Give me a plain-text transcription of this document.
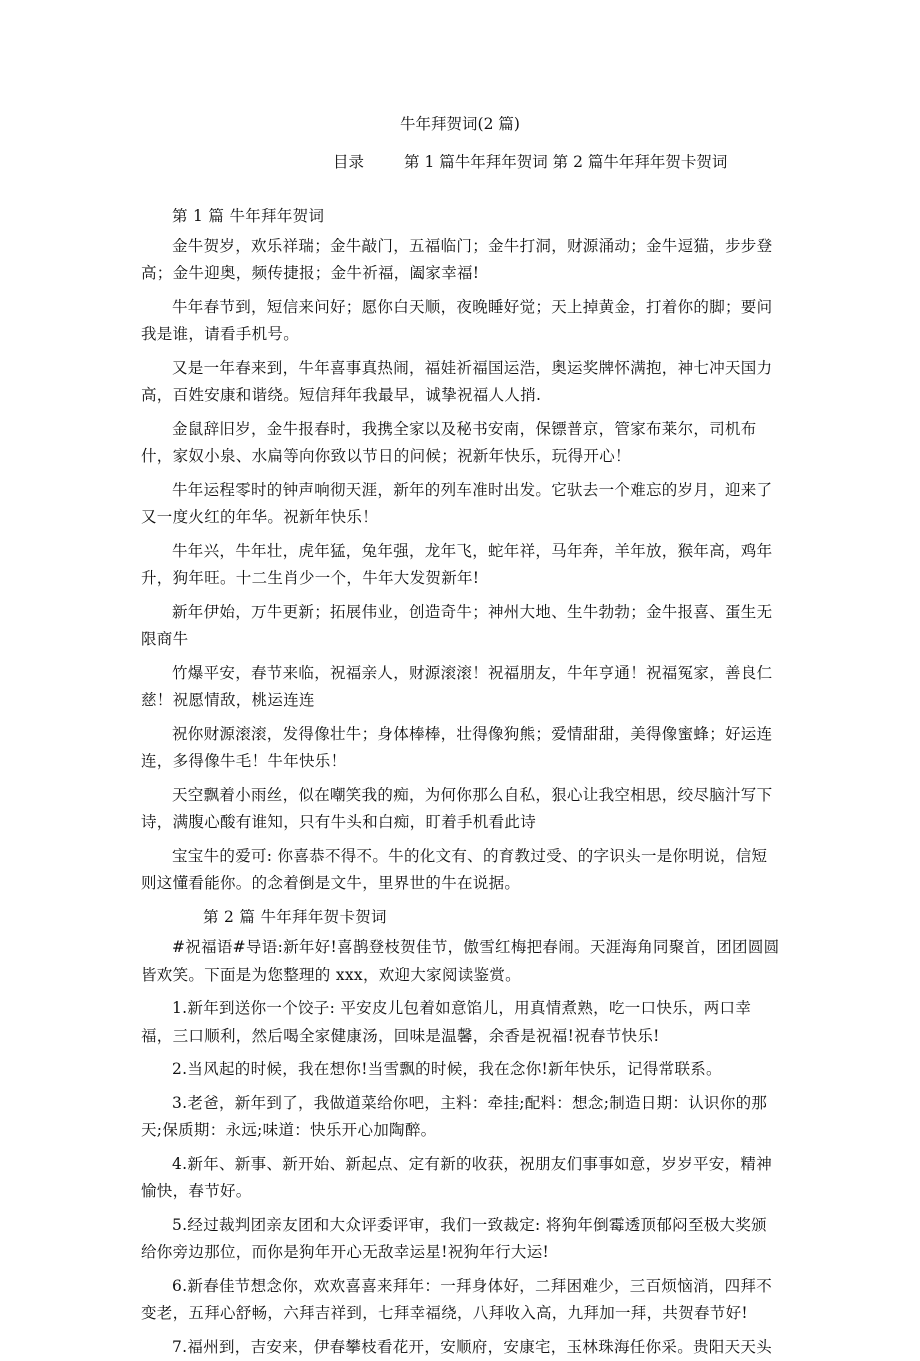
牛年拜贺词(2 篇)
目录	第 1 篇牛年拜年贺词 第 2 篇牛年拜年贺卡贺词
第 1 篇 牛年拜年贺词

金牛贺岁，欢乐祥瑞；金牛敲门，五福临门；金牛打洞，财源涌动；金牛逗猫，步步登高；金牛迎奥，频传捷报；金牛祈福，阖家幸福!

牛年春节到，短信来问好；愿你白天顺，夜晚睡好觉；天上掉黄金，打着你的脚；要问我是谁，请看手机号。

又是一年春来到，牛年喜事真热闹，福娃祈福国运浩，奥运奖牌怀满抱，神七冲天国力高，百姓安康和谐绕。短信拜年我最早，诚挚祝福人人捎.

金鼠辞旧岁，金牛报春时，我携全家以及秘书安南，保镖普京，管家布莱尔，司机布什，家奴小泉、水扁等向你致以节日的问候；祝新年快乐，玩得开心！

牛年运程零时的钟声响彻天涯，新年的列车准时出发。它驮去一个难忘的岁月，迎来了又一度火红的年华。祝新年快乐！

牛年兴，牛年壮，虎年猛，兔年强，龙年飞，蛇年祥，马年奔，羊年放，猴年高，鸡年升，狗年旺。十二生肖少一个，牛年大发贺新年!

新年伊始，万牛更新；拓展伟业，创造奇牛；神州大地、生牛勃勃；金牛报喜、蛋生无限商牛

竹爆平安，春节来临，祝福亲人，财源滚滚！祝福朋友，牛年亨通！祝福冤家，善良仁慈！祝愿情敌，桃运连连

祝你财源滚滚，发得像壮牛；身体棒棒，壮得像狗熊；爱情甜甜，美得像蜜蜂；好运连连，多得像牛毛！牛年快乐！

天空飘着小雨丝，似在嘲笑我的痴，为何你那么自私，狠心让我空相思，绞尽脑汁写下诗，满腹心酸有谁知，只有牛头和白痴，盯着手机看此诗

宝宝牛的爱可: 你喜恭不得不。牛的化文有、的育教过受、的字识头一是你明说，信短则这懂看能你。的念着倒是文牛，里界世的牛在说据。

第 2 篇 牛年拜年贺卡贺词

#祝福语#导语:新年好!喜鹊登枝贺佳节，傲雪红梅把春闹。天涯海角同聚首，团团圆圆皆欢笑。下面是为您整理的 xxx，欢迎大家阅读鉴赏。

1.新年到送你一个饺子: 平安皮儿包着如意馅儿，用真情煮熟，吃一口快乐，两口幸福，三口顺利，然后喝全家健康汤，回味是温馨，余香是祝福!祝春节快乐!

2.当风起的时候，我在想你!当雪飘的时候，我在念你!新年快乐，记得常联系。

3.老爸，新年到了，我做道菜给你吧，主料：牵挂;配料：想念;制造日期：认识你的那天;保质期：永远;味道：快乐开心加陶醉。

4.新年、新事、新开始、新起点、定有新的收获，祝朋友们事事如意，岁岁平安，精神愉快，春节好。

5.经过裁判团亲友团和大众评委评审，我们一致裁定: 将狗年倒霉透顶郁闷至极大奖颁给你旁边那位，而你是狗年开心无敌幸运星!祝狗年行大运!

6.新春佳节想念你，欢欢喜喜来拜年：一拜身体好，二拜困难少，三百烦恼消，四拜不变老，五拜心舒畅，六拜吉祥到，七拜幸福绕，八拜收入高，九拜加一拜，共贺春节好!

7.福州到，吉安来，伊春攀枝看花开，安顺府，安康宅，玉林珠海任你采。贵阳天天头
